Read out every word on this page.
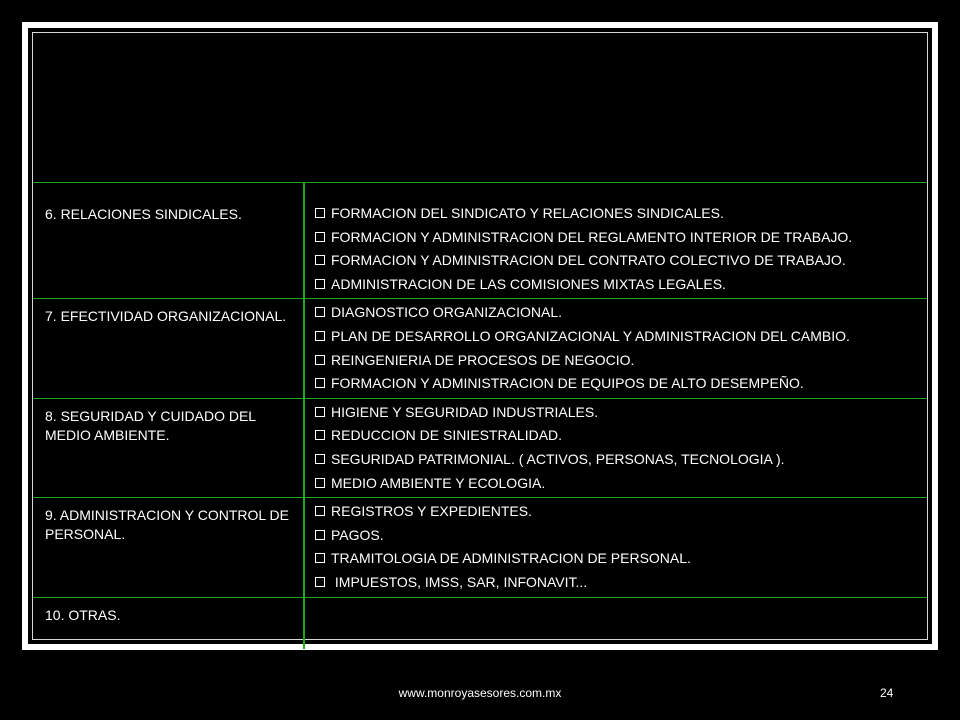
6. RELACIONES SINDICALES.	FORMACION DEL SINDICATO Y RELACIONES SINDICALES.
FORMACION Y ADMINISTRACION DEL REGLAMENTO INTERIOR DE TRABAJO.
FORMACION Y ADMINISTRACION DEL CONTRATO COLECTIVO DE TRABAJO.
ADMINISTRACION DE LAS COMISIONES MIXTAS LEGALES.

7. EFECTIVIDAD ORGANIZACIONAL.	DIAGNOSTICO ORGANIZACIONAL.
PLAN DE DESARROLLO ORGANIZACIONAL Y ADMINISTRACION DEL CAMBIO.
REINGENIERIA DE PROCESOS DE NEGOCIO.
FORMACION Y ADMINISTRACION DE EQUIPOS DE ALTO DESEMPEÑO.

8. SEGURIDAD Y CUIDADO DEL MEDIO AMBIENTE.	HIGIENE Y SEGURIDAD INDUSTRIALES.
REDUCCION DE SINIESTRALIDAD.
SEGURIDAD PATRIMONIAL. ( ACTIVOS, PERSONAS, TECNOLOGIA ).
MEDIO AMBIENTE Y ECOLOGIA.

9. ADMINISTRACION Y CONTROL DE PERSONAL.	REGISTROS Y EXPEDIENTES.
PAGOS.
TRAMITOLOGIA DE ADMINISTRACION DE PERSONAL.
IMPUESTOS, IMSS, SAR, INFONAVIT...

10. OTRAS.	
www.monroyasesores.com.mx	24
